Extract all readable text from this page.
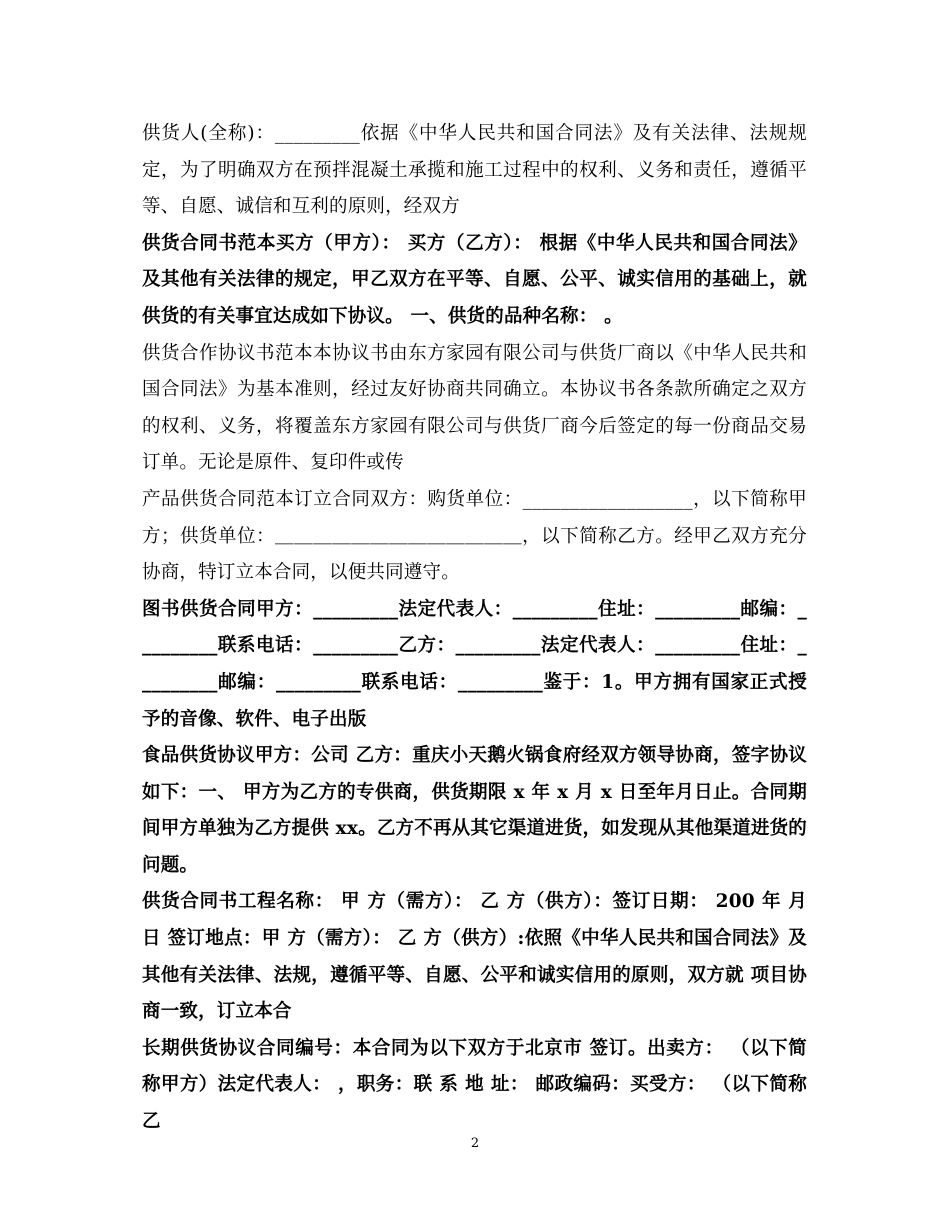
供货人(全称)：_________依据《中华人民共和国合同法》及有关法律、法规规定，为了明确双方在预拌混凝土承揽和施工过程中的权利、义务和责任，遵循平等、自愿、诚信和互利的原则，经双方

供货合同书范本买方（甲方）： 买方（乙方）： 根据《中华人民共和国合同法》及其他有关法律的规定，甲乙双方在平等、自愿、公平、诚实信用的基础上，就供货的有关事宜达成如下协议。 一、供货的品种名称： 。

供货合作协议书范本本协议书由东方家园有限公司与供货厂商以《中华人民共和国合同法》为基本准则，经过友好协商共同确立。本协议书各条款所确定之双方的权利、义务，将覆盖东方家园有限公司与供货厂商今后签定的每一份商品交易订单。无论是原件、复印件或传

产品供货合同范本订立合同双方：购货单位：__________________，以下简称甲方；供货单位：＿＿＿＿＿＿＿＿＿＿＿＿＿，以下简称乙方。经甲乙双方充分协商，特订立本合同，以便共同遵守。

图书供货合同甲方：_________法定代表人：_________住址：_________邮编：_________联系电话：_________乙方：_________法定代表人：_________住址：_________邮编：_________联系电话：_________鉴于：1。甲方拥有国家正式授予的音像、软件、电子出版

食品供货协议甲方：公司 乙方：重庆小天鹅火锅食府经双方领导协商，签字协议如下：一、 甲方为乙方的专供商，供货期限 x 年 x 月 x 日至年月日止。合同期间甲方单独为乙方提供 xx。乙方不再从其它渠道进货，如发现从其他渠道进货的问题。

供货合同书工程名称： 甲 方（需方）： 乙 方（供方）：签订日期： 200 年 月 日 签订地点：甲 方（需方）： 乙 方（供方）:依照《中华人民共和国合同法》及其他有关法律、法规，遵循平等、自愿、公平和诚实信用的原则，双方就 项目协商一致，订立本合

长期供货协议合同编号：本合同为以下双方于北京市 签订。出卖方： （以下简称甲方）法定代表人： ，职务：联 系 地 址： 邮政编码：买受方： （以下简称乙

2
